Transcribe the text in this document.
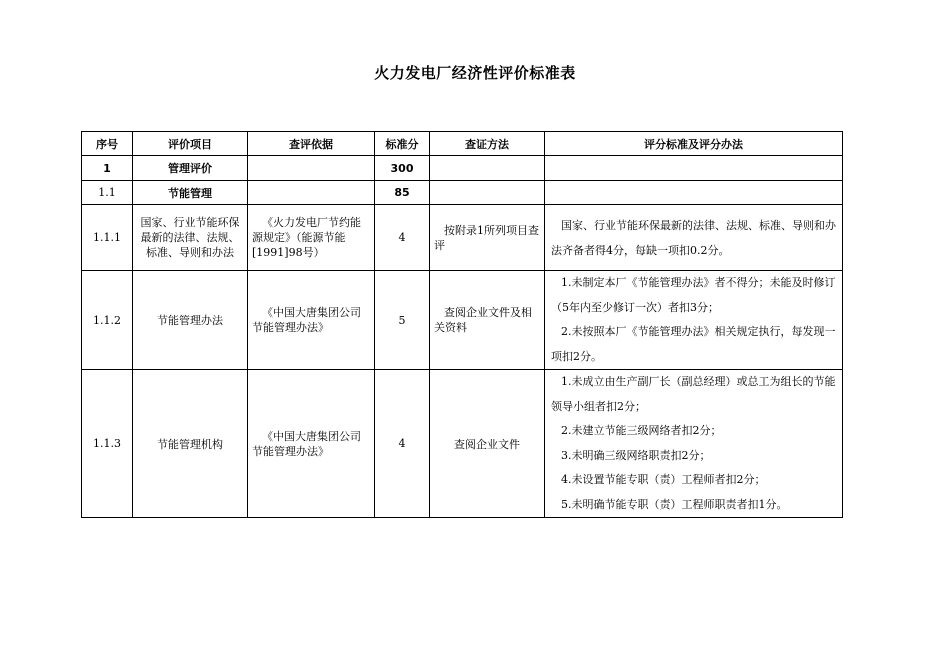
火力发电厂经济性评价标准表
序号	评价项目	查评依据	标准分	查证方法	评分标准及评分办法
1	管理评价		300		
1.1	节能管理		85		
1.1.1	国家、行业节能环保最新的法律、法规、标准、导则和办法	《火力发电厂节约能源规定》（能源节能[1991]98号）	4	按附录1所列项目查评	国家、行业节能环保最新的法律、法规、标准、导则和办法齐备者得4分，每缺一项扣0.2分。

1.1.2	节能管理办法	《中国大唐集团公司节能管理办法》	5	查阅企业文件及相关资料	1.未制定本厂《节能管理办法》者不得分；未能及时修订（5年内至少修订一次）者扣3分；
2.未按照本厂《节能管理办法》相关规定执行，每发现一项扣2分。

1.1.3	节能管理机构	《中国大唐集团公司节能管理办法》	4	查阅企业文件	1.未成立由生产副厂长（副总经理）或总工为组长的节能领导小组者扣2分；
2.未建立节能三级网络者扣2分；
3.未明确三级网络职责扣2分；
4.未设置节能专职（责）工程师者扣2分；
5.未明确节能专职（责）工程师职责者扣1分。
